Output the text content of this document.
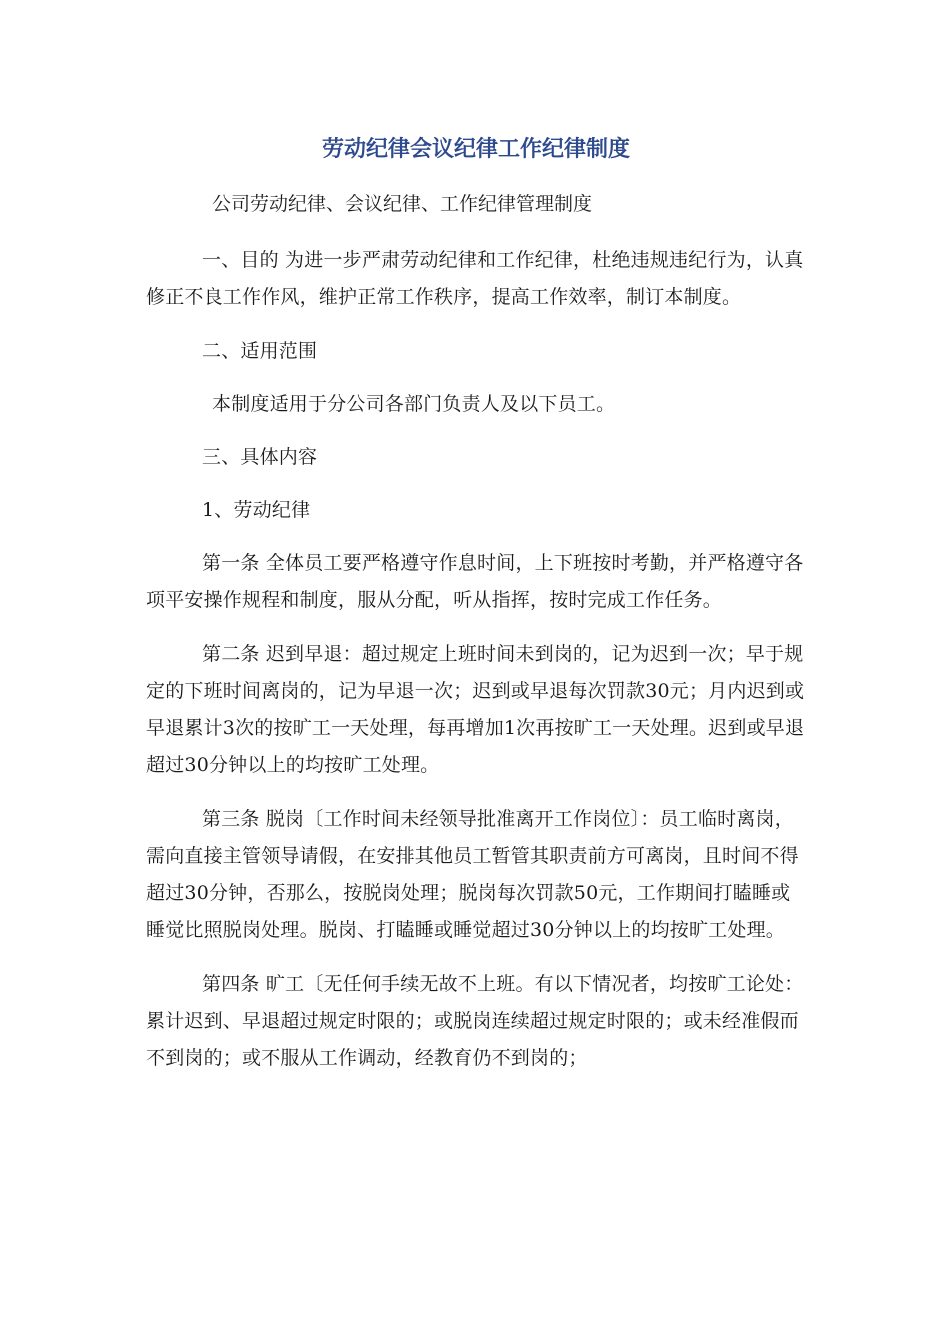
劳动纪律会议纪律工作纪律制度
公司劳动纪律、会议纪律、工作纪律管理制度

一、目的 为进一步严肃劳动纪律和工作纪律，杜绝违规违纪行为，认真修正不良工作作风，维护正常工作秩序，提高工作效率，制订本制度。

二、适用范围

本制度适用于分公司各部门负责人及以下员工。

三、具体内容

1、劳动纪律

第一条 全体员工要严格遵守作息时间，上下班按时考勤，并严格遵守各项平安操作规程和制度，服从分配，听从指挥，按时完成工作任务。

第二条 迟到早退：超过规定上班时间未到岗的，记为迟到一次；早于规定的下班时间离岗的，记为早退一次；迟到或早退每次罚款30元；月内迟到或早退累计3次的按旷工一天处理，每再增加1次再按旷工一天处理。迟到或早退超过30分钟以上的均按旷工处理。

第三条 脱岗〔工作时间未经领导批准离开工作岗位〕：员工临时离岗，需向直接主管领导请假，在安排其他员工暂管其职责前方可离岗，且时间不得超过30分钟，否那么，按脱岗处理；脱岗每次罚款50元，工作期间打瞌睡或睡觉比照脱岗处理。脱岗、打瞌睡或睡觉超过30分钟以上的均按旷工处理。

第四条 旷工〔无任何手续无故不上班。有以下情况者，均按旷工论处：累计迟到、早退超过规定时限的；或脱岗连续超过规定时限的；或未经准假而不到岗的；或不服从工作调动，经教育仍不到岗的；
